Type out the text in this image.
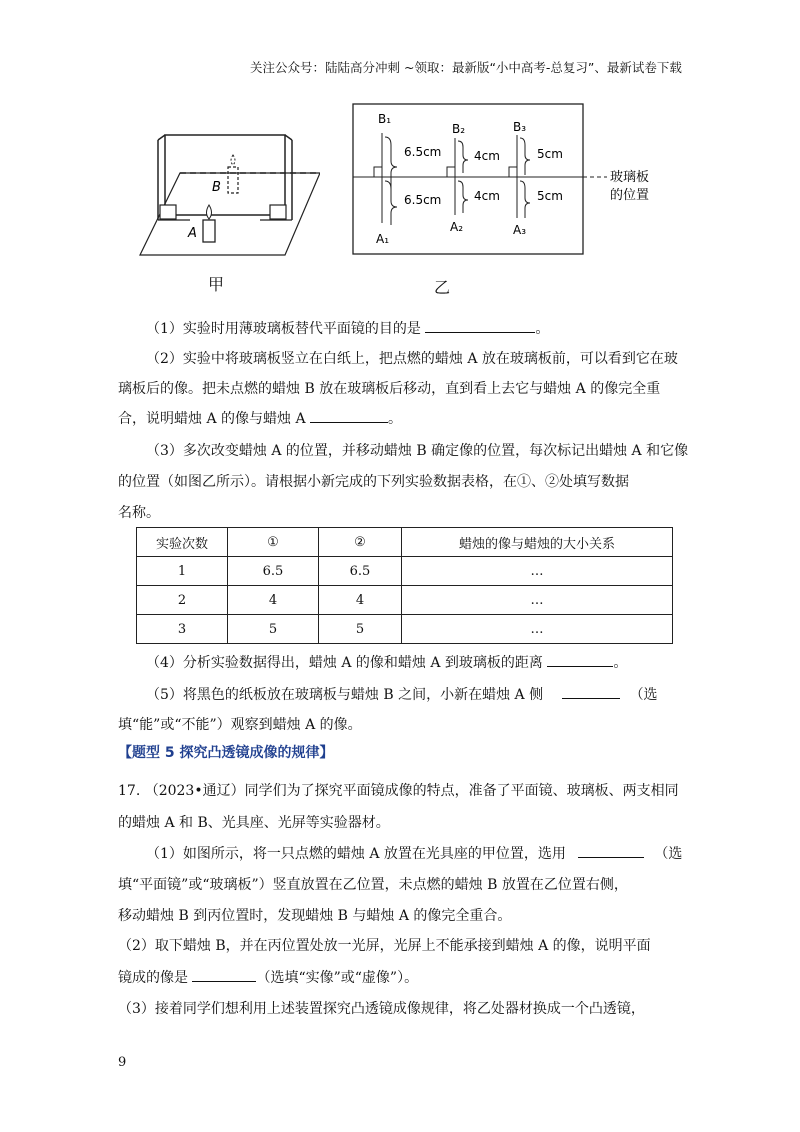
关注公众号：陆陆高分冲刺 ~领取：最新版“小中高考-总复习”、最新试卷下载
B
A
甲
B₁
A₁
6.5cm
6.5cm
B₂
A₂
4cm
4cm
B₃
A₃
5cm
5cm
玻璃板
的位置
乙
（1）实验时用薄玻璃板替代平面镜的目的是	。
（2）实验中将玻璃板竖立在白纸上，把点燃的蜡烛 A 放在玻璃板前，可以看到它在玻
璃板后的像。把未点燃的蜡烛 B 放在玻璃板后移动，直到看上去它与蜡烛 A 的像完全重
合，说明蜡烛 A 的像与蜡烛 A	。
（3）多次改变蜡烛 A 的位置，并移动蜡烛 B 确定像的位置，每次标记出蜡烛 A 和它像
的位置（如图乙所示）。请根据小新完成的下列实验数据表格，在①、②处填写数据
名称。
实验次数	①	②	蜡烛的像与蜡烛的大小关系
1	6.5	6.5	…
2	4	4	…
3	5	5	…
（4）分析实验数据得出，蜡烛 A 的像和蜡烛 A 到玻璃板的距离	。
（5）将黑色的纸板放在玻璃板与蜡烛 B 之间，小新在蜡烛 A 侧	（选
填“能”或“不能”）观察到蜡烛 A 的像。
【题型 5 探究凸透镜成像的规律】
17. （2023•通辽）同学们为了探究平面镜成像的特点，准备了平面镜、玻璃板、两支相同
的蜡烛 A 和 B、光具座、光屏等实验器材。
（1）如图所示，将一只点燃的蜡烛 A 放置在光具座的甲位置，选用	（选
填“平面镜”或“玻璃板”）竖直放置在乙位置，未点燃的蜡烛 B 放置在乙位置右侧，
移动蜡烛 B 到丙位置时，发现蜡烛 B 与蜡烛 A 的像完全重合。
（2）取下蜡烛 B，并在丙位置处放一光屏，光屏上不能承接到蜡烛 A 的像，说明平面
镜成的像是	（选填“实像”或“虚像”）。
（3）接着同学们想利用上述装置探究凸透镜成像规律，将乙处器材换成一个凸透镜，
9
